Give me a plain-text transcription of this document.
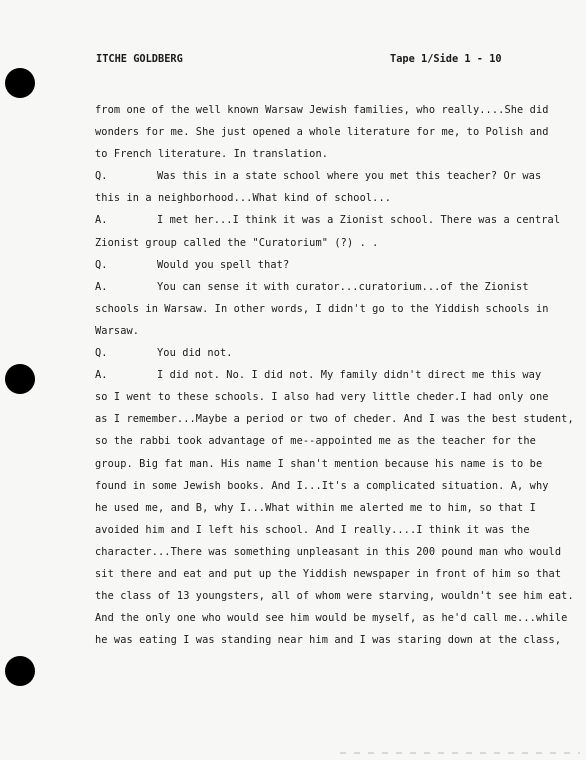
ITCHE GOLDBERG	Tape 1/Side 1 - 10
from one of the well known Warsaw Jewish families, who really....She did
wonders for me. She just opened a whole literature for me, to Polish and
to French literature. In translation.
Q.	Was this in a state school where you met this teacher? Or was
this in a neighborhood...What kind of school...
A.	I met her...I think it was a Zionist school. There was a central
Zionist group called the "Curatorium" (?) . .
Q.	Would you spell that?
A.	You can sense it with curator...curatorium...of the Zionist
schools in Warsaw. In other words, I didn't go to the Yiddish schools in
Warsaw.
Q.	You did not.
A.	I did not. No. I did not. My family didn't direct me this way
so I went to these schools. I also had very little cheder.I had only one
as I remember...Maybe a period or two of cheder. And I was the best student,
so the rabbi took advantage of me--appointed me as the teacher for the
group. Big fat man. His name I shan't mention because his name is to be
found in some Jewish books. And I...It's a complicated situation. A, why
he used me, and B, why I...What within me alerted me to him, so that I
avoided him and I left his school. And I really....I think it was the
character...There was something unpleasant in this 200 pound man who would
sit there and eat and put up the Yiddish newspaper in front of him so that
the class of 13 youngsters, all of whom were starving, wouldn't see him eat.
And the only one who would see him would be myself, as he'd call me...while
he was eating I was standing near him and I was staring down at the class,
